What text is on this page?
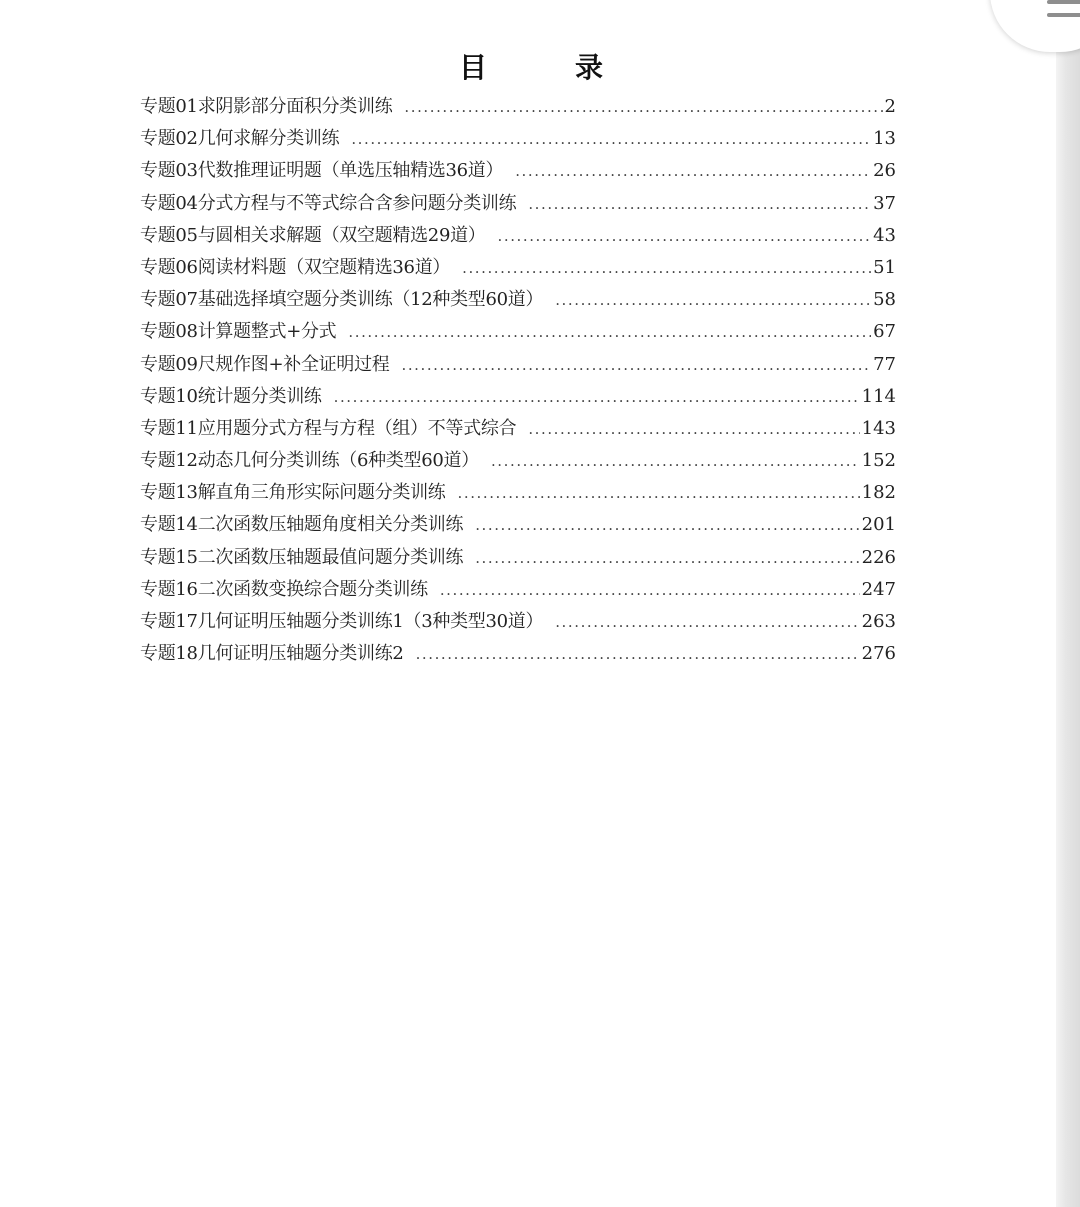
目　录
专题01求阴影部分面积分类训练 . . .	2
专题02几何求解分类训练 . . .	13
专题03代数推理证明题（单选压轴精选36道） . . .	26
专题04分式方程与不等式综合含参问题分类训练 . . .	37
专题05与圆相关求解题（双空题精选29道） . . .	43
专题06阅读材料题（双空题精选36道） . . .	51
专题07基础选择填空题分类训练（12种类型60道） . . .	58
专题08计算题整式+分式 . . .	67
专题09尺规作图+补全证明过程 . . .	77
专题10统计题分类训练 . . .	114
专题11应用题分式方程与方程（组）不等式综合 . . .	143
专题12动态几何分类训练（6种类型60道） . . .	152
专题13解直角三角形实际问题分类训练 . . .	182
专题14二次函数压轴题角度相关分类训练 . . .	201
专题15二次函数压轴题最值问题分类训练 . . .	226
专题16二次函数变换综合题分类训练 . . .	247
专题17几何证明压轴题分类训练1（3种类型30道） . . .	263
专题18几何证明压轴题分类训练2 . . .	276
